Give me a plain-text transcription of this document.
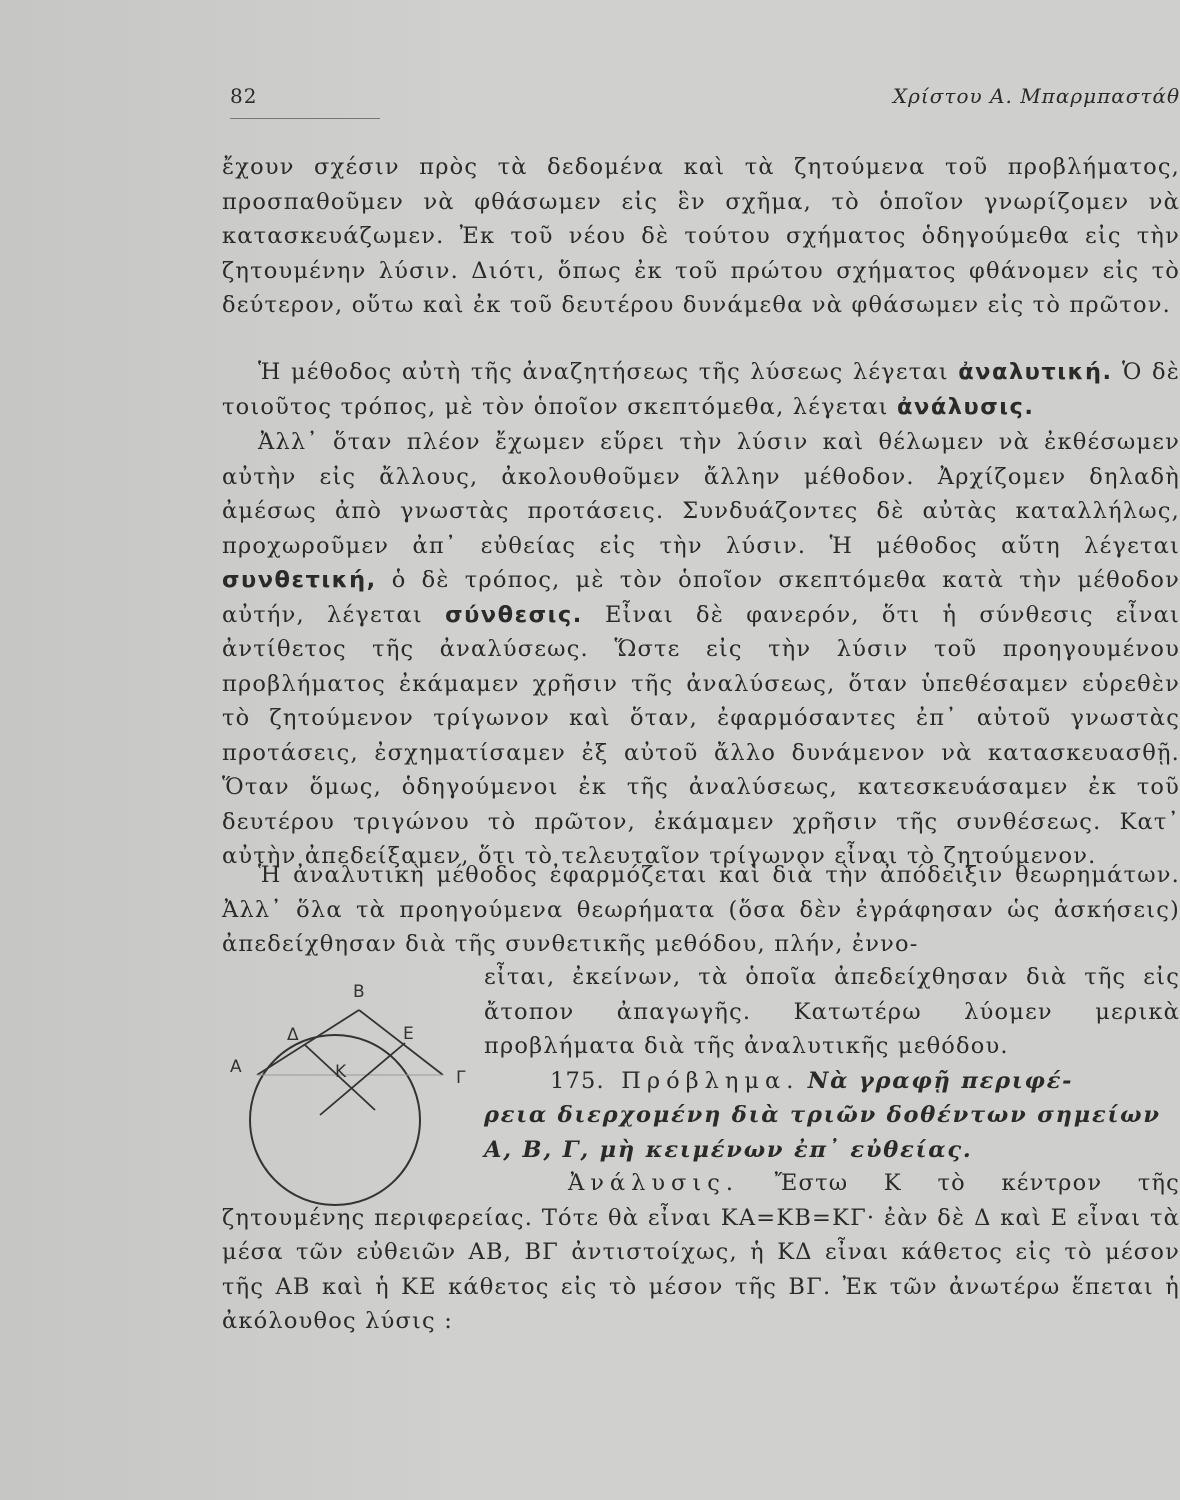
82	Χρίστου Α. Μπαρμπαστάθ
ἔχουν σχέσιν πρὸς τὰ δεδομένα καὶ τὰ ζητούμενα τοῦ προβλήματος, προσπαθοῦμεν νὰ φθάσωμεν εἰς ἓν σχῆμα, τὸ ὁποῖον γνωρίζομεν νὰ κατασκευάζωμεν. Ἐκ τοῦ νέου δὲ τούτου σχήματος ὁδηγούμεθα εἰς τὴν ζητουμένην λύσιν. Διότι, ὅπως ἐκ τοῦ πρώτου σχήματος φθάνομεν εἰς τὸ δεύτερον, οὕτω καὶ ἐκ τοῦ δευτέρου δυνάμεθα νὰ φθάσωμεν εἰς τὸ πρῶτον.
Ἡ μέθοδος αὐτὴ τῆς ἀναζητήσεως τῆς λύσεως λέγεται ἀναλυτική. Ὁ δὲ τοιοῦτος τρόπος, μὲ τὸν ὁποῖον σκεπτόμεθα, λέγεται ἀνάλυσις.
Ἀλλ᾽ ὅταν πλέον ἔχωμεν εὕρει τὴν λύσιν καὶ θέλωμεν νὰ ἐκθέσωμεν αὐτὴν εἰς ἄλλους, ἀκολουθοῦμεν ἄλλην μέθοδον. Ἀρχίζομεν δηλαδὴ ἀμέσως ἀπὸ γνωστὰς προτάσεις. Συνδυάζοντες δὲ αὐτὰς καταλλήλως, προχωροῦμεν ἀπ᾽ εὐθείας εἰς τὴν λύσιν. Ἡ μέθοδος αὕτη λέγεται συνθετική, ὁ δὲ τρόπος, μὲ τὸν ὁποῖον σκεπτόμεθα κατὰ τὴν μέθοδον αὐτήν, λέγεται σύνθεσις. Εἶναι δὲ φανερόν, ὅτι ἡ σύνθεσις εἶναι ἀντίθετος τῆς ἀναλύσεως. Ὥστε εἰς τὴν λύσιν τοῦ προηγουμένου προβλήματος ἐκάμαμεν χρῆσιν τῆς ἀναλύσεως, ὅταν ὑπεθέσαμεν εὑρεθὲν τὸ ζητούμενον τρίγωνον καὶ ὅταν, ἐφαρμόσαντες ἐπ᾽ αὐτοῦ γνωστὰς προτάσεις, ἐσχηματίσαμεν ἐξ αὐτοῦ ἄλλο δυνάμενον νὰ κατασκευασθῇ. Ὅταν ὅμως, ὁδηγούμενοι ἐκ τῆς ἀναλύσεως, κατεσκευάσαμεν ἐκ τοῦ δευτέρου τριγώνου τὸ πρῶτον, ἐκάμαμεν χρῆσιν τῆς συνθέσεως. Κατ᾽ αὐτὴν ἀπεδείξαμεν, ὅτι τὸ τελευταῖον τρίγωνον εἶναι τὸ ζητούμενον.
Ἡ ἀναλυτικὴ μέθοδος ἐφαρμόζεται καὶ διὰ τὴν ἀπόδειξιν θεωρημάτων. Ἀλλ᾽ ὅλα τὰ προηγούμενα θεωρήματα (ὅσα δὲν ἐγράφησαν ὡς ἀσκήσεις) ἀπεδείχθησαν διὰ τῆς συνθετικῆς μεθόδου, πλήν, ἐννο-
εἶται, ἐκείνων, τὰ ὁποῖα ἀπεδείχθησαν διὰ τῆς εἰς ἄτοπον ἀπαγωγῆς. Κατωτέρω λύομεν μερικὰ προβλήματα διὰ τῆς ἀναλυτικῆς μεθόδου.
Β
Α
Γ
Δ	Ε
Κ	175. Πρόβλημα. Νὰ γραφῇ περιφέ-
ρεια διερχομένη διὰ τριῶν δοθέντων σημείων Α, Β, Γ, μὴ κειμένων ἐπ᾽ εὐθείας.
Ἀνάλυσις. Ἔστω Κ τὸ κέντρον τῆς ζητουμένης περιφερείας. Τότε θὰ εἶναι ΚΑ=ΚΒ=ΚΓ· ἐὰν δὲ Δ καὶ Ε εἶναι τὰ μέσα τῶν εὐθειῶν ΑΒ, ΒΓ ἀντιστοίχως, ἡ ΚΔ εἶναι κάθετος εἰς τὸ μέσον τῆς ΑΒ καὶ ἡ ΚΕ κάθετος εἰς τὸ μέσον τῆς ΒΓ. Ἐκ τῶν ἀνωτέρω ἕπεται ἡ ἀκόλουθος λύσις :
